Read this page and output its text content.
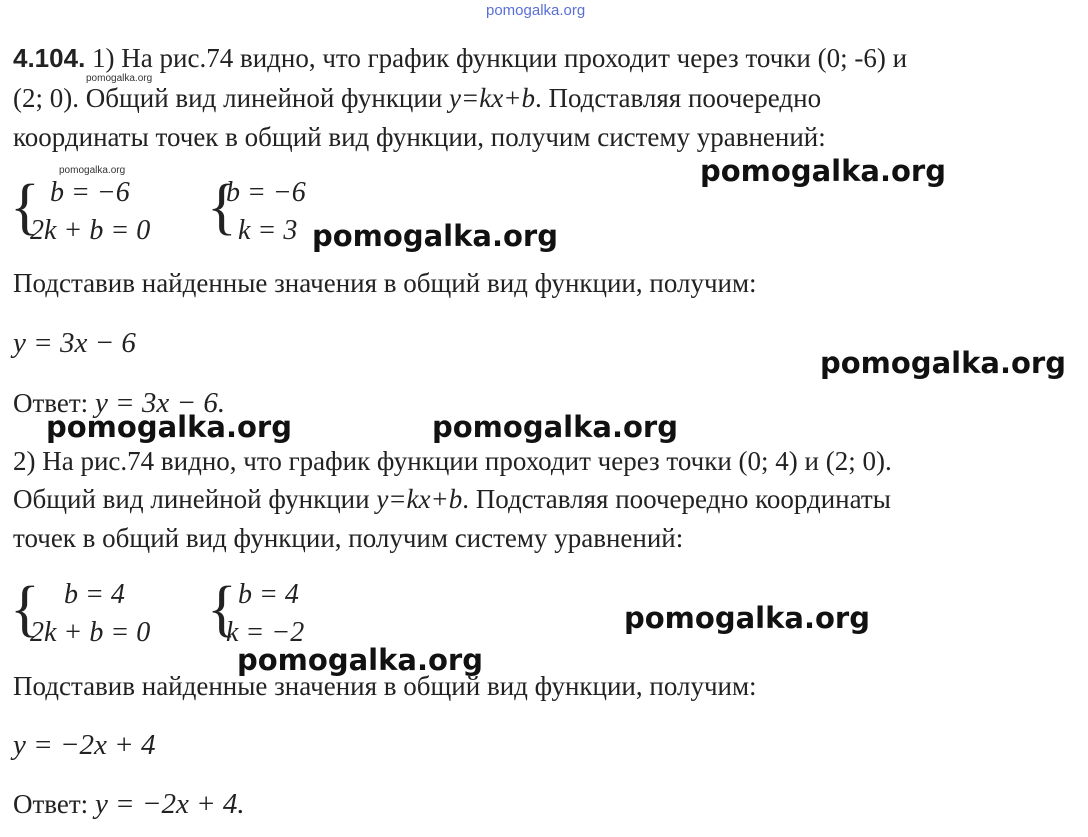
pomogalka.org
4.104. 1) На рис.74 видно, что график функции проходит через точки (0; -6) и
pomogalka.org
(2; 0). Общий вид линейной функции y=kx+b. Подставляя поочередно
координаты точек в общий вид функции, получим систему уравнений:
pomogalka.org
{ b = −6
2k + b = 0 {
b = −6
k = 3
pomogalka.org
pomogalka.org
Подставив найденные значения в общий вид функции, получим:
y = 3x − 6
pomogalka.org
Ответ: y = 3x − 6.
pomogalka.org	pomogalka.org
2) На рис.74 видно, что график функции проходит через точки (0; 4) и (2; 0).
Общий вид линейной функции y=kx+b. Подставляя поочередно координаты
точек в общий вид функции, получим систему уравнений:
{ b = 4
2k + b = 0 { b = 4
k = −2	pomogalka.org
pomogalka.org
Подставив найденные значения в общий вид функции, получим:
y = −2x + 4
Ответ: y = −2x + 4.
